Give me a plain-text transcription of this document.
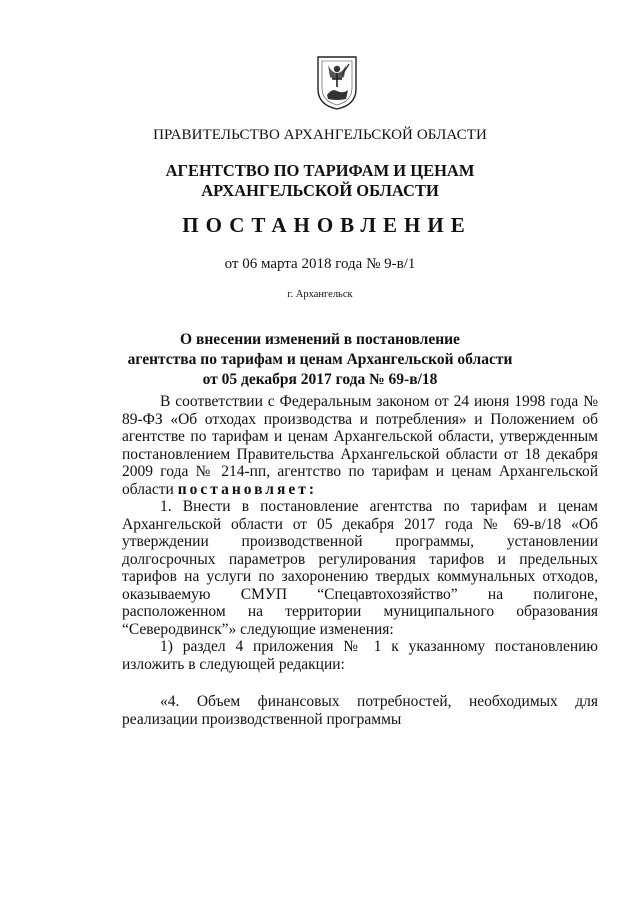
ПРАВИТЕЛЬСТВО АРХАНГЕЛЬСКОЙ ОБЛАСТИ
АГЕНТСТВО ПО ТАРИФАМ И ЦЕНАМ
АРХАНГЕЛЬСКОЙ ОБЛАСТИ
ПОСТАНОВЛЕНИЕ
от 06 марта 2018 года № 9-в/1
г. Архангельск
О внесении изменений в постановление
агентства по тарифам и ценам Архангельской области
от 05 декабря 2017 года № 69-в/18

В соответствии с Федеральным законом от 24 июня 1998 года № 89-ФЗ «Об отходах производства и потребления» и Положением об агентстве по тарифам и ценам Архангельской области, утвержденным постановлением Правительства Архангельской области от 18 декабря 2009 года № 214-пп, агентство по тарифам и ценам Архангельской области постановляет:

1. Внести в постановление агентства по тарифам и ценам Архангельской области от 05 декабря 2017 года № 69-в/18 «Об утверждении производственной программы, установлении долгосрочных параметров регулирования тарифов и предельных тарифов на услуги по захоронению твердых коммунальных отходов, оказываемую СМУП “Спецавтохозяйство” на полигоне, расположенном на территории муниципального образования “Северодвинск”» следующие изменения:

1) раздел 4 приложения № 1 к указанному постановлению изложить в следующей редакции:

«4. Объем финансовых потребностей, необходимых для реализации производственной программы
